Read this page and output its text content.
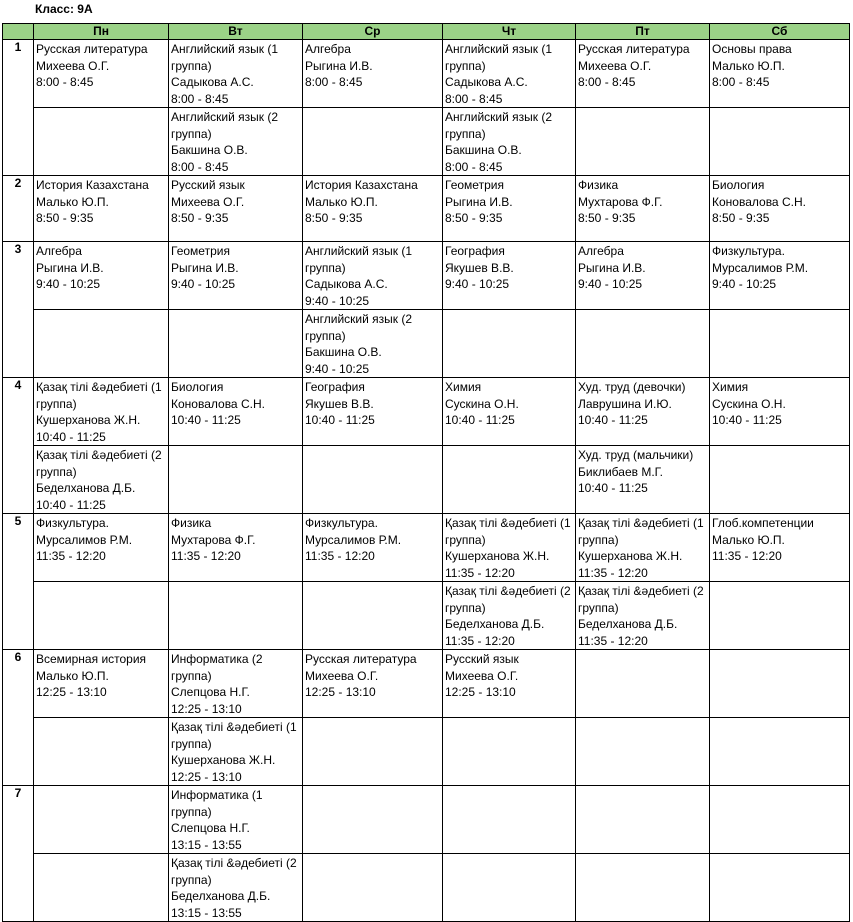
Класс: 9А
	Пн	Вт	Ср	Чт	Пт	Сб
1	Русская литература
Михеева О.Г.
8:00 - 8:45	Английский язык (1 группа)
Садыкова А.С.
8:00 - 8:45	Алгебра
Рыгина И.В.
8:00 - 8:45	Английский язык (1 группа)
Садыкова А.С.
8:00 - 8:45	Русская литература
Михеева О.Г.
8:00 - 8:45	Основы права
Малько Ю.П.
8:00 - 8:45

		Английский язык (2 группа)
Бакшина О.В.
8:00 - 8:45		Английский язык (2 группа)
Бакшина О.В.
8:00 - 8:45		

2	История Казахстана
Малько Ю.П.
8:50 - 9:35	Русский язык
Михеева О.Г.
8:50 - 9:35	История Казахстана
Малько Ю.П.
8:50 - 9:35	Геометрия
Рыгина И.В.
8:50 - 9:35	Физика
Мухтарова Ф.Г.
8:50 - 9:35	Биология
Коновалова С.Н.
8:50 - 9:35

3	Алгебра
Рыгина И.В.
9:40 - 10:25	Геометрия
Рыгина И.В.
9:40 - 10:25	Английский язык (1 группа)
Садыкова А.С.
9:40 - 10:25	География
Якушев В.В.
9:40 - 10:25	Алгебра
Рыгина И.В.
9:40 - 10:25	Физкультура.
Мурсалимов Р.М.
9:40 - 10:25

			Английский язык (2 группа)
Бакшина О.В.
9:40 - 10:25			

4	Қазақ тілі &әдебиеті (1 группа)
Кушерханова Ж.Н.
10:40 - 11:25	Биология
Коновалова С.Н.
10:40 - 11:25	География
Якушев В.В.
10:40 - 11:25	Химия
Сускина О.Н.
10:40 - 11:25	Худ. труд (девочки)
Лаврушина И.Ю.
10:40 - 11:25	Химия
Сускина О.Н.
10:40 - 11:25

	Қазақ тілі &әдебиеті (2 группа)
Беделханова Д.Б.
10:40 - 11:25				Худ. труд (мальчики)
Биклибаев М.Г.
10:40 - 11:25	

5	Физкультура.
Мурсалимов Р.М.
11:35 - 12:20	Физика
Мухтарова Ф.Г.
11:35 - 12:20	Физкультура.
Мурсалимов Р.М.
11:35 - 12:20	Қазақ тілі &әдебиеті (1 группа)
Кушерханова Ж.Н.
11:35 - 12:20	Қазақ тілі &әдебиеті (1 группа)
Кушерханова Ж.Н.
11:35 - 12:20	Глоб.компетенции
Малько Ю.П.
11:35 - 12:20

				Қазақ тілі &әдебиеті (2 группа)
Беделханова Д.Б.
11:35 - 12:20	Қазақ тілі &әдебиеті (2 группа)
Беделханова Д.Б.
11:35 - 12:20	

6	Всемирная история
Малько Ю.П.
12:25 - 13:10	Информатика (2 группа)
Слепцова Н.Г.
12:25 - 13:10	Русская литература
Михеева О.Г.
12:25 - 13:10	Русский язык
Михеева О.Г.
12:25 - 13:10		

		Қазақ тілі &әдебиеті (1 группа)
Кушерханова Ж.Н.
12:25 - 13:10				

7		Информатика (1 группа)
Слепцова Н.Г.
13:15 - 13:55				

		Қазақ тілі &әдебиеті (2 группа)
Беделханова Д.Б.
13:15 - 13:55				
